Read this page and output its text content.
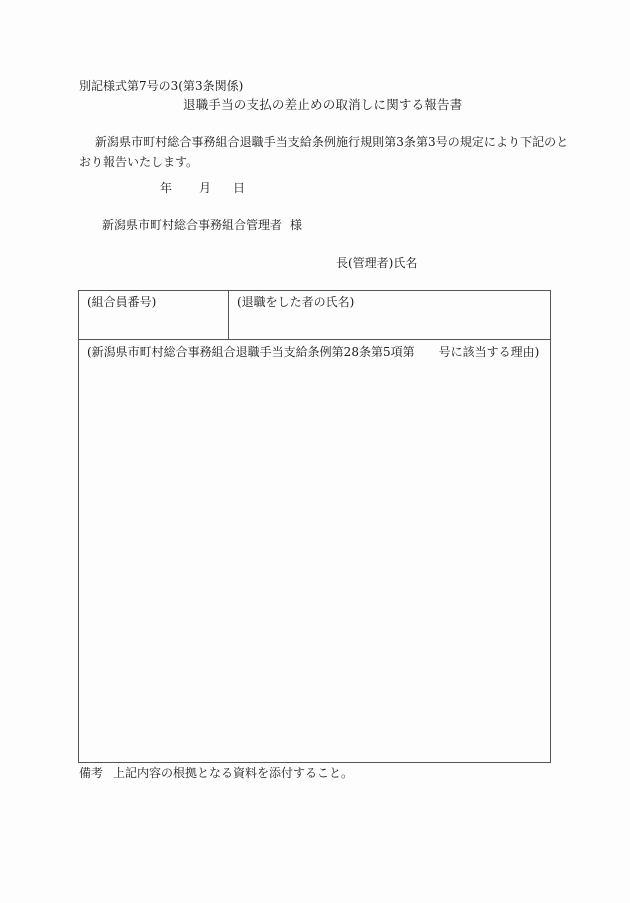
別記様式第7号の3(第3条関係)
退職手当の支払の差止めの取消しに関する報告書
新潟県市町村総合事務組合退職手当支給条例施行規則第3条第3号の規定により下記のと
おり報告いたします。
年 月 日
新潟県市町村総合事務組合管理者 様
長(管理者)氏名
(組合員番号)	(退職をした者の氏名)
(新潟県市町村総合事務組合退職手当支給条例第28条第5項第　　号に該当する理由)
備考 上記内容の根拠となる資料を添付すること。
